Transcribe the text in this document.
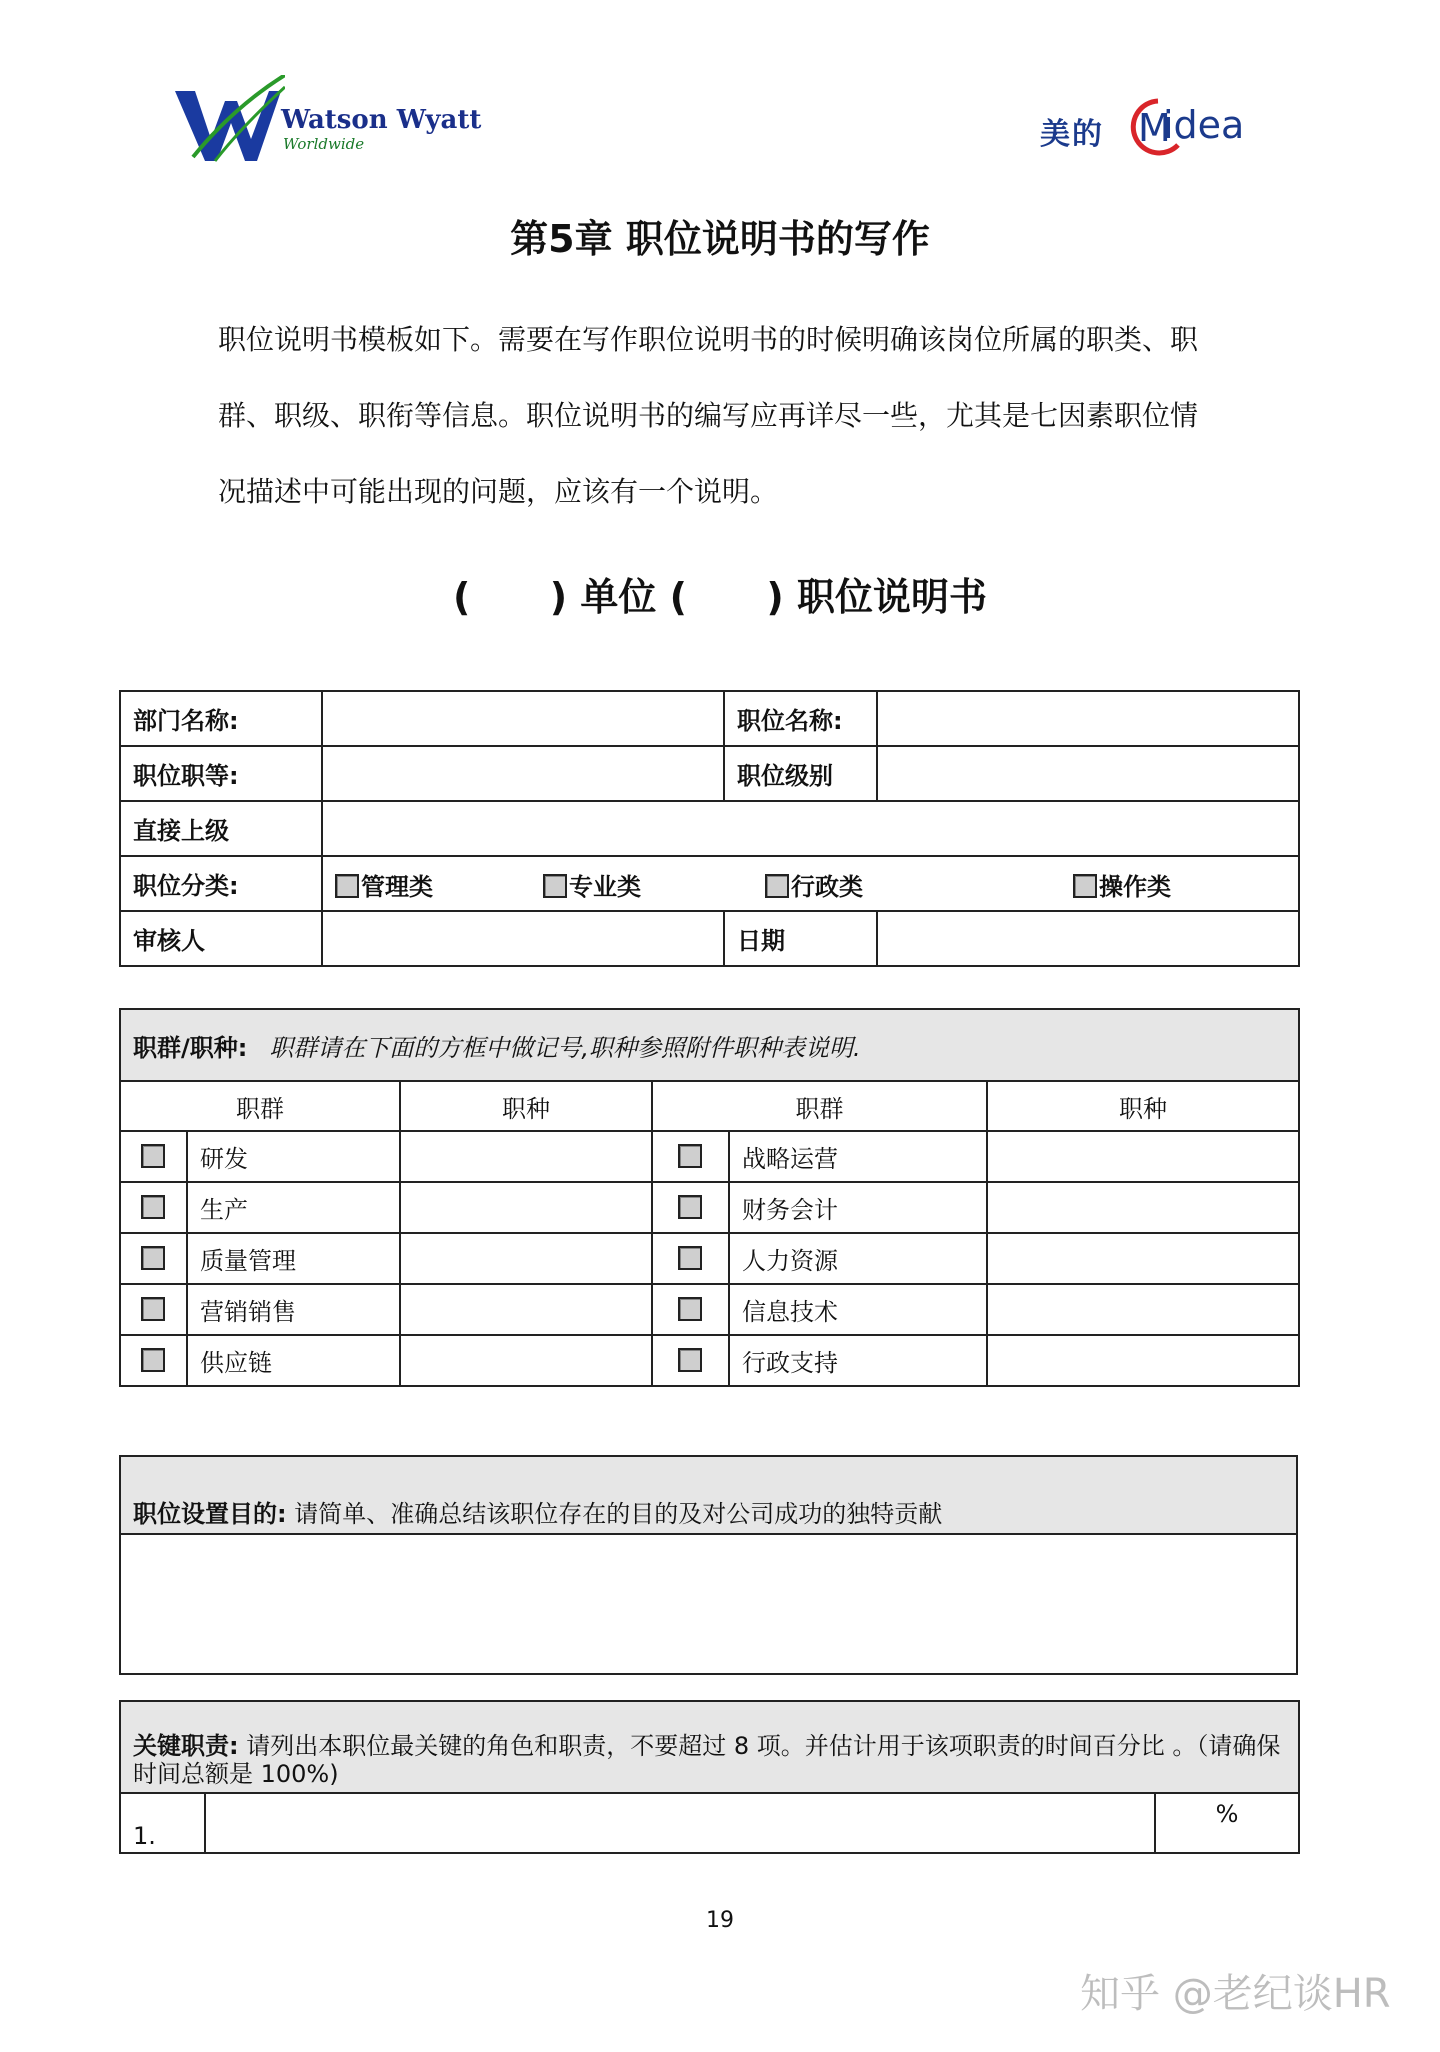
Watson Wyatt
Worldwide	美的 M
idea
第5章 职位说明书的写作
职位说明书模板如下。需要在写作职位说明书的时候明确该岗位所属的职类、职
群、职级、职衔等信息。职位说明书的编写应再详尽一些，尤其是七因素职位情
况描述中可能出现的问题，应该有一个说明。
(      ) 单位 (      ) 职位说明书
部门名称:		职位名称:	
职位职等:		职位级别	
直接上级			
职位分类:	管理类 专业类 行政类 操作类		

审核人		日期	
职群/职种: 职群请在下面的方框中做记号,职种参照附件职种表说明.					
职群		职种	职群		职种
	研发			战略运营	
	生产			财务会计	
	质量管理			人力资源	
	营销销售			信息技术	
	供应链			行政支持	
职位设置目的: 请简单、准确总结该职位存在的目的及对公司成功的独特贡献

关键职责: 请列出本职位最关键的角色和职责，不要超过 8 项。并估计用于该项职责的时间百分比 。（请确保时间总额是 100%)
1.		%
19
知乎 @老纪谈HR
